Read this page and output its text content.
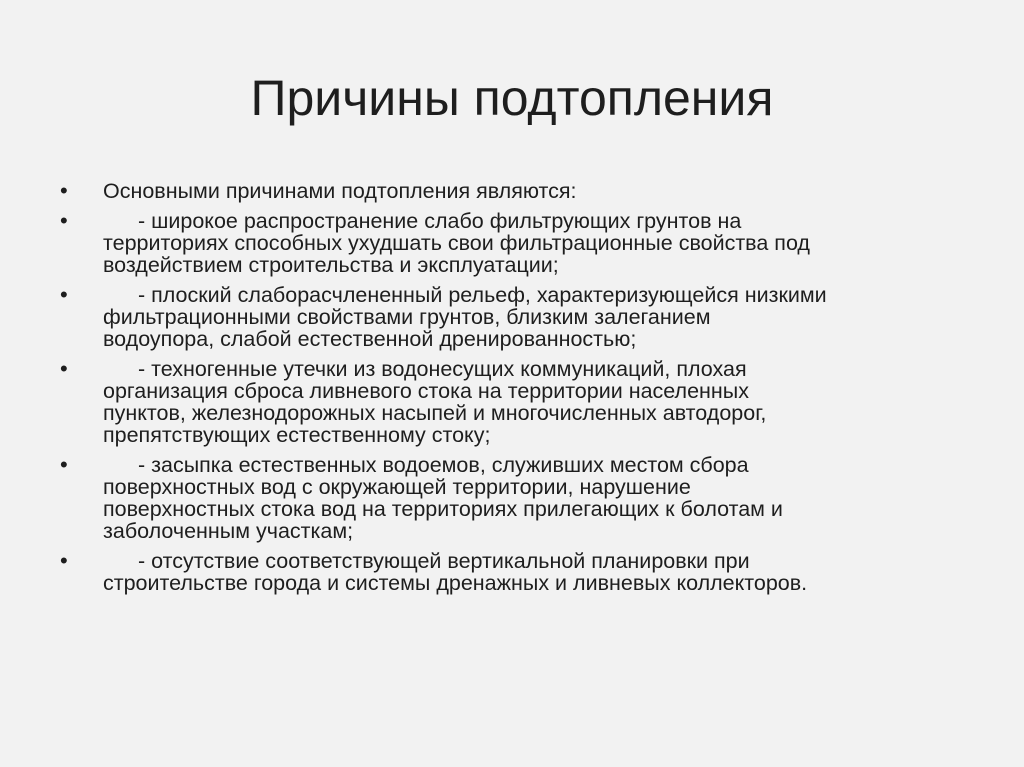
Причины подтопления
•	Основными причинами подтопления являются:
•	- широкое распространение слабо фильтрующих грунтов на
территориях способных ухудшать свои фильтрационные свойства под
воздействием строительства и эксплуатации;
•	- плоский слаборасчлененный рельеф, характеризующейся низкими
фильтрационными свойствами грунтов, близким залеганием
водоупора, слабой естественной дренированностью;
•	- техногенные утечки из водонесущих коммуникаций, плохая
организация сброса ливневого стока на территории населенных
пунктов, железнодорожных насыпей и многочисленных автодорог,
препятствующих естественному стоку;
•	- засыпка естественных водоемов, служивших местом сбора
поверхностных вод с окружающей территории, нарушение
поверхностных стока вод на территориях прилегающих к болотам и
заболоченным участкам;
•	- отсутствие соответствующей вертикальной планировки при
строительстве города и системы дренажных и ливневых коллекторов.
